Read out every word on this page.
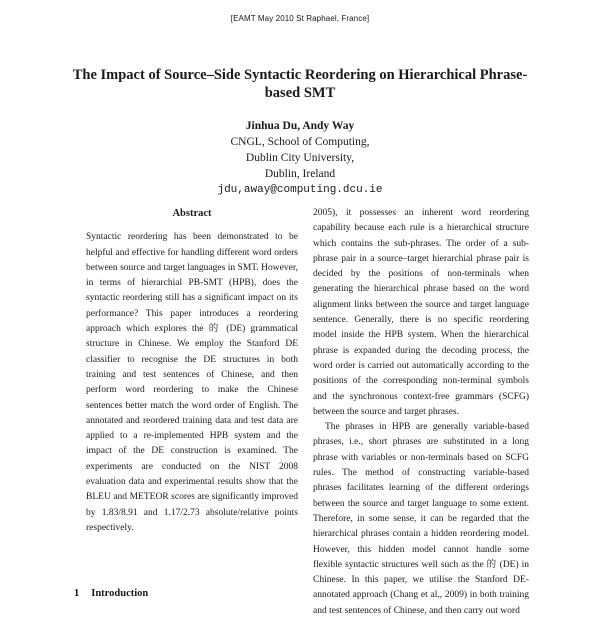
[EAMT May 2010 St Raphael, France]
The Impact of Source–Side Syntactic Reordering on Hierarchical Phrase-based SMT
Jinhua Du, Andy Way
CNGL, School of Computing,
Dublin City University,
Dublin, Ireland
jdu,away@computing.dcu.ie
Abstract

Syntactic reordering has been demonstrated to be helpful and effective for handling different word orders between source and target languages in SMT. However, in terms of hierarchial PB-SMT (HPB), does the syntactic reordering still has a significant impact on its performance? This paper introduces a reordering approach which explores the 的 (DE) grammatical structure in Chinese. We employ the Stanford DE classifier to recognise the DE structures in both training and test sentences of Chinese, and then perform word reordering to make the Chinese sentences better match the word order of English. The annotated and reordered training data and test data are applied to a re-implemented HPB system and the impact of the DE construction is examined. The experiments are conducted on the NIST 2008 evaluation data and experimental results show that the BLEU and METEOR scores are significantly improved by 1.83/8.91 and 1.17/2.73 absolute/relative points respectively.

2005), it possesses an inherent word reordering capability because each rule is a hierarchical structure which contains the sub-phrases. The order of a sub-phrase pair in a source–target hierarchial phrase pair is decided by the positions of non-terminals when generating the hierarchical phrase based on the word alignment links between the source and target language sentence. Generally, there is no specific reordering model inside the HPB system. When the hierarchical phrase is expanded during the decoding process, the word order is carried out automatically according to the positions of the corresponding non-terminal symbols and the synchronous context-free grammars (SCFG) between the source and target phrases.

The phrases in HPB are generally variable-based phrases, i.e., short phrases are substituted in a long phrase with variables or non-terminals based on SCFG rules. The method of constructing variable-based phrases facilitates learning of the different orderings between the source and target language to some extent. Therefore, in some sense, it can be regarded that the hierarchical phrases contain a hidden reordering model. However, this hidden model cannot handle some flexible syntactic structures well such as the 的 (DE) in Chinese. In this paper, we utilise the Stanford DE-annotated approach (Chang et al., 2009) in both training and test sentences of Chinese, and then carry out word

1 Introduction
